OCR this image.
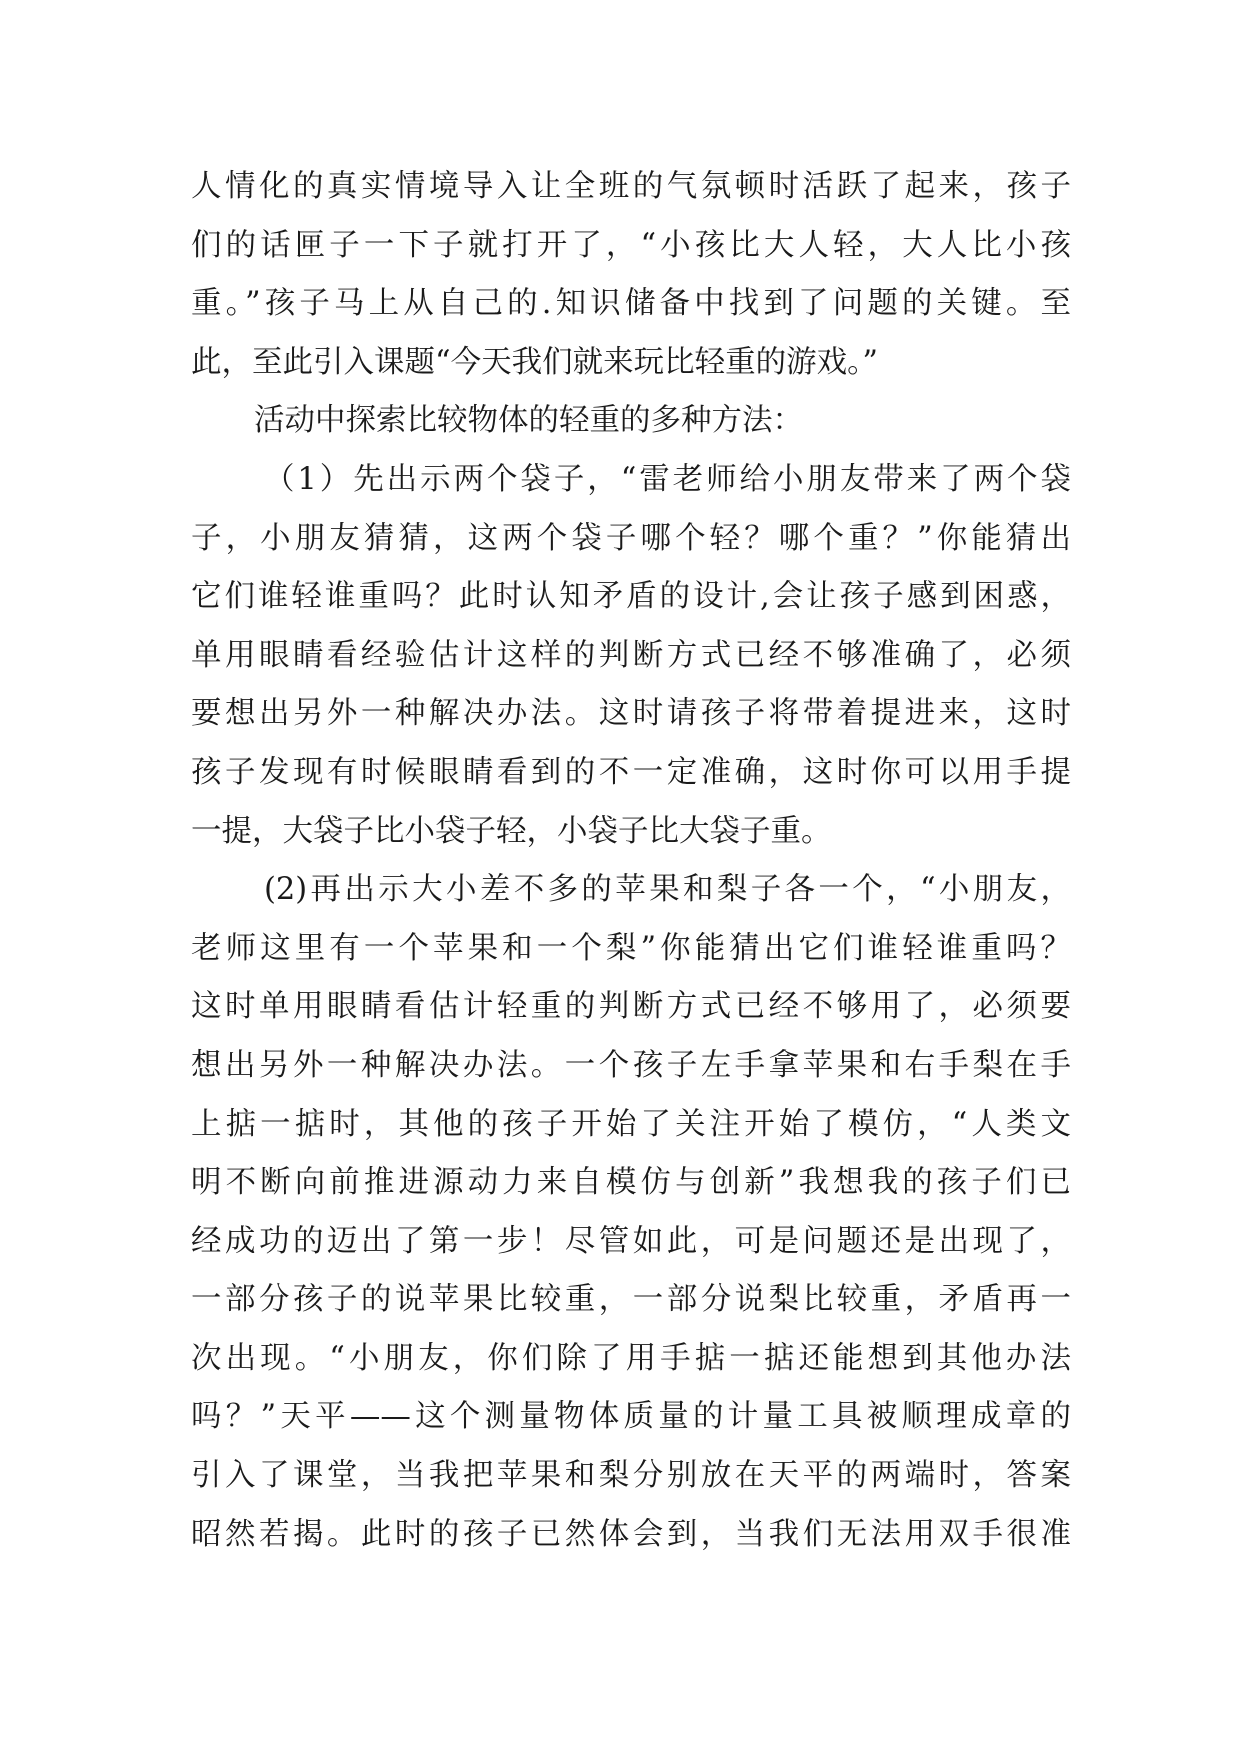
人情化的真实情境导入让全班的气氛顿时活跃了起来，孩子
们的话匣子一下子就打开了，“小孩比大人轻，大人比小孩
重。”孩子马上从自己的.知识储备中找到了问题的关键。至
此，至此引入课题“今天我们就来玩比轻重的游戏。”
活动中探索比较物体的轻重的多种方法：
（1）先出示两个袋子，“雷老师给小朋友带来了两个袋
子，小朋友猜猜，这两个袋子哪个轻？哪个重？”你能猜出
它们谁轻谁重吗？此时认知矛盾的设计,会让孩子感到困惑，
单用眼睛看经验估计这样的判断方式已经不够准确了，必须
要想出另外一种解决办法。这时请孩子将带着提进来，这时
孩子发现有时候眼睛看到的不一定准确，这时你可以用手提
一提，大袋子比小袋子轻，小袋子比大袋子重。
(2)再出示大小差不多的苹果和梨子各一个，“小朋友，
老师这里有一个苹果和一个梨”你能猜出它们谁轻谁重吗？
这时单用眼睛看估计轻重的判断方式已经不够用了，必须要
想出另外一种解决办法。一个孩子左手拿苹果和右手梨在手
上掂一掂时，其他的孩子开始了关注开始了模仿，“人类文
明不断向前推进源动力来自模仿与创新”我想我的孩子们已
经成功的迈出了第一步！尽管如此，可是问题还是出现了，
一部分孩子的说苹果比较重，一部分说梨比较重，矛盾再一
次出现。“小朋友，你们除了用手掂一掂还能想到其他办法
吗？”天平——这个测量物体质量的计量工具被顺理成章的
引入了课堂，当我把苹果和梨分别放在天平的两端时，答案
昭然若揭。此时的孩子已然体会到，当我们无法用双手很准
